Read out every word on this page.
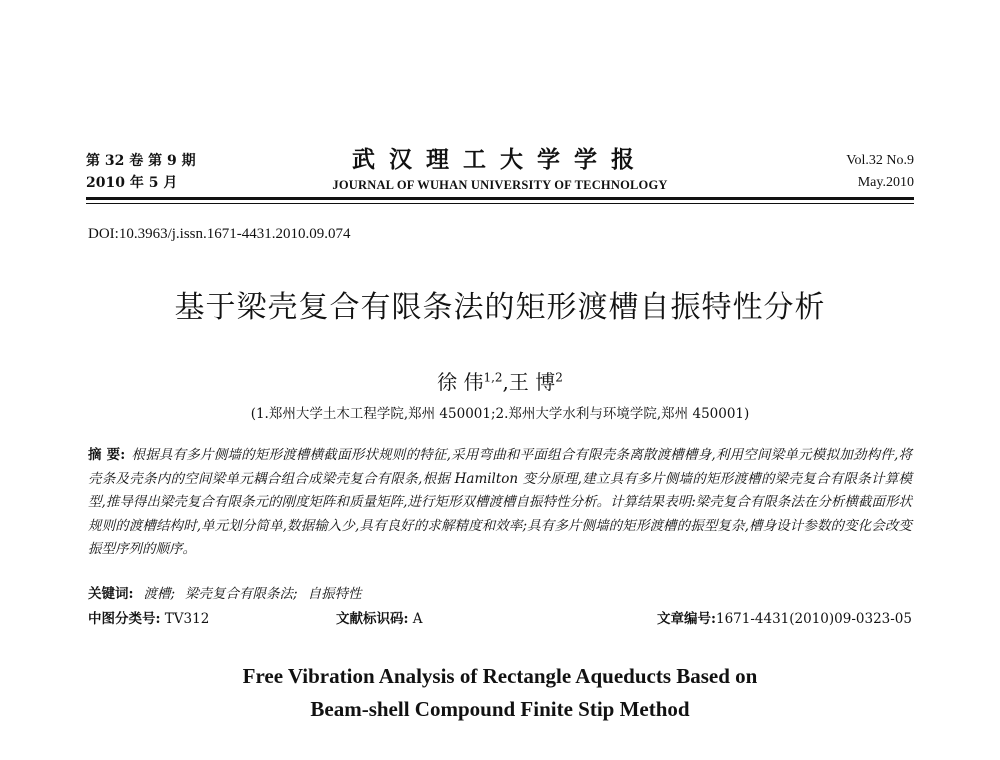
第 32 卷 第 9 期
2010 年 5 月
武汉理工大学学报
JOURNAL OF WUHAN UNIVERSITY OF TECHNOLOGY
Vol.32 No.9
May.2010
DOI:10.3963/j.issn.1671-4431.2010.09.074
基于梁壳复合有限条法的矩形渡槽自振特性分析
徐 伟$^{1,2}$,王 博$^2$
(1.郑州大学土木工程学院,郑州 450001;2.郑州大学水利与环境学院,郑州 450001)
摘 要: 根据具有多片侧墙的矩形渡槽横截面形状规则的特征,采用弯曲和平面组合有限壳条离散渡槽槽身,利用空间梁单元模拟加劲构件,将壳条及壳条内的空间梁单元耦合组合成梁壳复合有限条,根据 Hamilton 变分原理,建立具有多片侧墙的矩形渡槽的梁壳复合有限条计算模型,推导得出梁壳复合有限条元的刚度矩阵和质量矩阵,进行矩形双槽渡槽自振特性分析。计算结果表明:梁壳复合有限条法在分析横截面形状规则的渡槽结构时,单元划分简单,数据输入少,具有良好的求解精度和效率;具有多片侧墙的矩形渡槽的振型复杂,槽身设计参数的变化会改变振型序列的顺序。
关键词: 渡槽; 梁壳复合有限条法; 自振特性
中图分类号: TV312	文献标识码: A	文章编号:1671-4431(2010)09-0323-05
Free Vibration Analysis of Rectangle Aqueducts Based on
Beam-shell Compound Finite Stip Method
